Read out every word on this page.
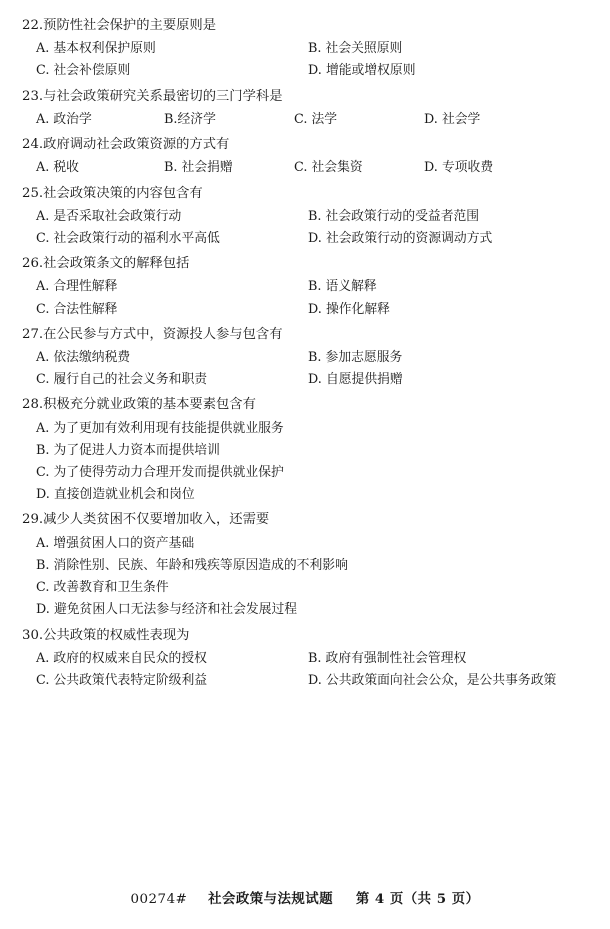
22.预防性社会保护的主要原则是
A. 基本权利保护原则	B. 社会关照原则
C. 社会补偿原则	D. 增能或增权原则
23.与社会政策研究关系最密切的三门学科是
A. 政治学	B.经济学	C. 法学	D. 社会学
24.政府调动社会政策资源的方式有
A. 税收	B. 社会捐赠	C. 社会集资	D. 专项收费
25.社会政策决策的内容包含有
A. 是否采取社会政策行动	B. 社会政策行动的受益者范围
C. 社会政策行动的福利水平高低	D. 社会政策行动的资源调动方式
26.社会政策条文的解释包括
A. 合理性解释	B. 语义解释
C. 合法性解释	D. 操作化解释
27.在公民参与方式中，资源投人参与包含有
A. 依法缴纳税费	B. 参加志愿服务
C. 履行自己的社会义务和职责	D. 自愿提供捐赠
28.积极充分就业政策的基本要素包含有
A. 为了更加有效利用现有技能提供就业服务
B. 为了促进人力资本而提供培训
C. 为了使得劳动力合理开发而提供就业保护
D. 直接创造就业机会和岗位
29.减少人类贫困不仅要增加收入，还需要
A. 增强贫困人口的资产基础
B. 消除性别、民族、年龄和残疾等原因造成的不利影响
C. 改善教育和卫生条件
D. 避免贫困人口无法参与经济和社会发展过程
30.公共政策的权威性表现为
A. 政府的权威来自民众的授权	B. 政府有强制性社会管理权
C. 公共政策代表特定阶级利益	D. 公共政策面向社会公众，是公共事务政策
00274# 社会政策与法规试题 第 4 页（共 5 页）
